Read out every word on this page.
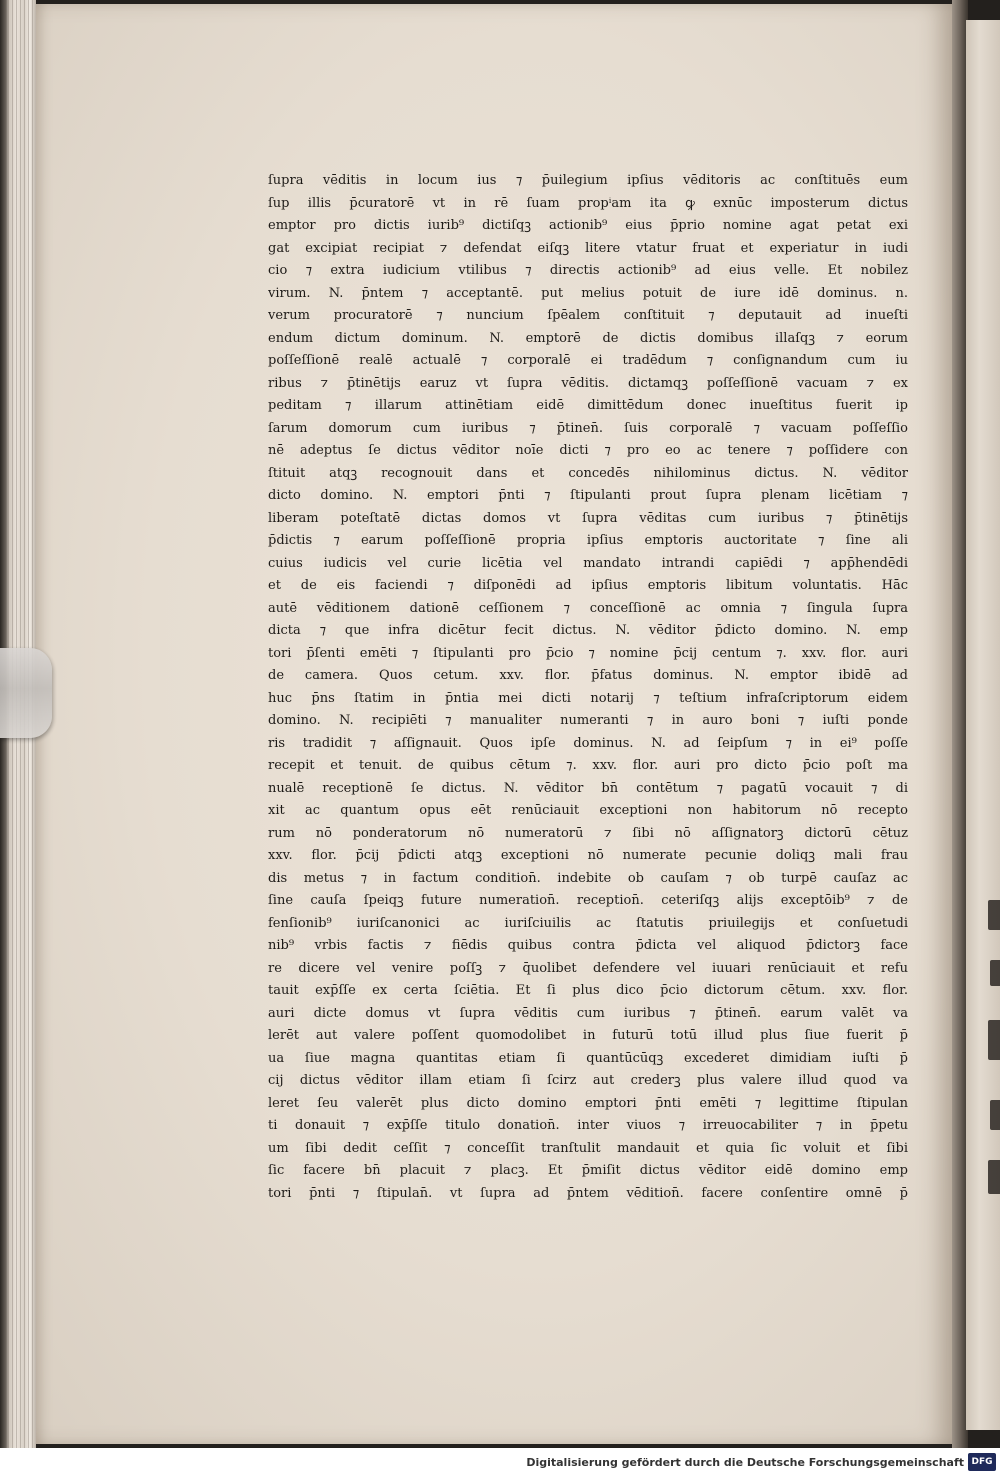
ſupra vēditis in locum ius ⁊ p̄uilegium ipſius vēditoris ac conſtituēs eum
ſup illis p̄curatorē vt in rē ſuam propⁱam ita ꝙ exnūc imposterum dictus
emptor pro dictis iurib⁹ dictiſqꝫ actionib⁹ eius p̄prio nomine agat petat exi
gat excipiat recipiat ⁊ defendat eiſqꝫ litere vtatur fruat et experiatur in iudi
cio ⁊ extra iudicium vtilibus ⁊ directis actionib⁹ ad eius velle. Et nobilez
virum. N. p̄ntem ⁊ acceptantē. put melius potuit de iure idē dominus. n.
verum procuratorē ⁊ nuncium ſpēalem conſtituit ⁊ deputauit ad inueſti
endum dictum dominum. N. emptorē de dictis domibus illaſqꝫ ⁊ eorum
poſſeſſionē realē actualē ⁊ corporalē ei tradēdum ⁊ conſignandum cum iu
ribus ⁊ p̄tinētijs earuz vt ſupra vēditis. dictamqꝫ poſſeſſionē vacuam ⁊ ex
peditam ⁊ illarum attinētiam eidē dimittēdum donec inueſtitus fuerit ip
ſarum domorum cum iuribus ⁊ p̄tinen̄. ſuis corporalē ⁊ vacuam poſſeſſio
nē adeptus ſe dictus vēditor noīe dicti ⁊ pro eo ac tenere ⁊ poſſidere con
ſtituit atqꝫ recognouit dans et concedēs nihilominus dictus. N. vēditor
dicto domino. N. emptori p̄nti ⁊ ſtipulanti prout ſupra plenam licētiam ⁊
liberam poteſtatē dictas domos vt ſupra vēditas cum iuribus ⁊ p̄tinētijs
p̄dictis ⁊ earum poſſeſſionē propria ipſius emptoris auctoritate ⁊ ſine ali
cuius iudicis vel curie licētia vel mandato intrandi capiēdi ⁊ app̄hendēdi
et de eis faciendi ⁊ diſponēdi ad ipſius emptoris libitum voluntatis. Hāc
autē vēditionem dationē ceſſionem ⁊ conceſſionē ac omnia ⁊ ſingula ſupra
dicta ⁊ que infra dicētur fecit dictus. N. vēditor p̄dicto domino. N. emp
tori p̄ſenti emēti ⁊ ſtipulanti pro p̄cio ⁊ nomine p̄cij centum ⁊. xxv. flor. auri
de camera. Quos cetum. xxv. flor. p̄fatus dominus. N. emptor ibidē ad
huc p̄ns ſtatim in p̄ntia mei dicti notarij ⁊ teſtium infraſcriptorum eidem
domino. N. recipiēti ⁊ manualiter numeranti ⁊ in auro boni ⁊ iuſti ponde
ris tradidit ⁊ aſſignauit. Quos ipſe dominus. N. ad ſeipſum ⁊ in ei⁹ poſſe
recepit et tenuit. de quibus cētum ⁊. xxv. flor. auri pro dicto p̄cio poſt ma
nualē receptionē ſe dictus. N. vēditor bn̄ contētum ⁊ pagatū vocauit ⁊ di
xit ac quantum opus eēt renūciauit exceptioni non habitorum nō recepto
rum nō ponderatorum nō numeratorū ⁊ ſibi nō aſſignatorꝫ dictorū cētuz
xxv. flor. p̄cij p̄dicti atqꝫ exceptioni nō numerate pecunie doliqꝫ mali frau
dis metus ⁊ in factum condition̄. indebite ob cauſam ⁊ ob turpē cauſaz ac
ſine cauſa ſpeiqꝫ future numeration̄. reception̄. ceteriſqꝫ alijs exceptōib⁹ ⁊ de
fenſionib⁹ iuriſcanonici ac iuriſciuilis ac ſtatutis priuilegijs et conſuetudi
nib⁹ vrbis factis ⁊ fiēdis quibus contra p̄dicta vel aliquod p̄dictorꝫ face
re dicere vel venire poſſꝫ ⁊ q̄uolibet defendere vel iuuari renūciauit et refu
tauit exp̄ſſe ex certa ſciētia. Et ſi plus dico p̄cio dictorum cētum. xxv. flor.
auri dicte domus vt ſupra vēditis cum iuribus ⁊ p̄tinen̄. earum valēt va
lerēt aut valere poſſent quomodolibet in futurū totū illud plus ſiue fuerit p̄
ua ſiue magna quantitas etiam ſi quantūcūqꝫ excederet dimidiam iuſti p̄
cij dictus vēditor illam etiam ſi ſcirz aut crederꝫ plus valere illud quod va
leret ſeu valerēt plus dicto domino emptori p̄nti emēti ⁊ legittime ſtipulan
ti donauit ⁊ exp̄ſſe titulo donation̄. inter viuos ⁊ irreuocabiliter ⁊ in p̄petu
um ſibi dedit ceſſit ⁊ conceſſit tranſtulit mandauit et quia ſic voluit et ſibi
ſic facere bn̄ placuit ⁊ placꝫ. Et p̄miſit dictus vēditor eidē domino emp
tori p̄nti ⁊ ſtipulan̄. vt ſupra ad p̄ntem vēdition̄. facere conſentire omnē p̄
Digitalisierung gefördert durch die Deutsche Forschungsgemeinschaft DFG
